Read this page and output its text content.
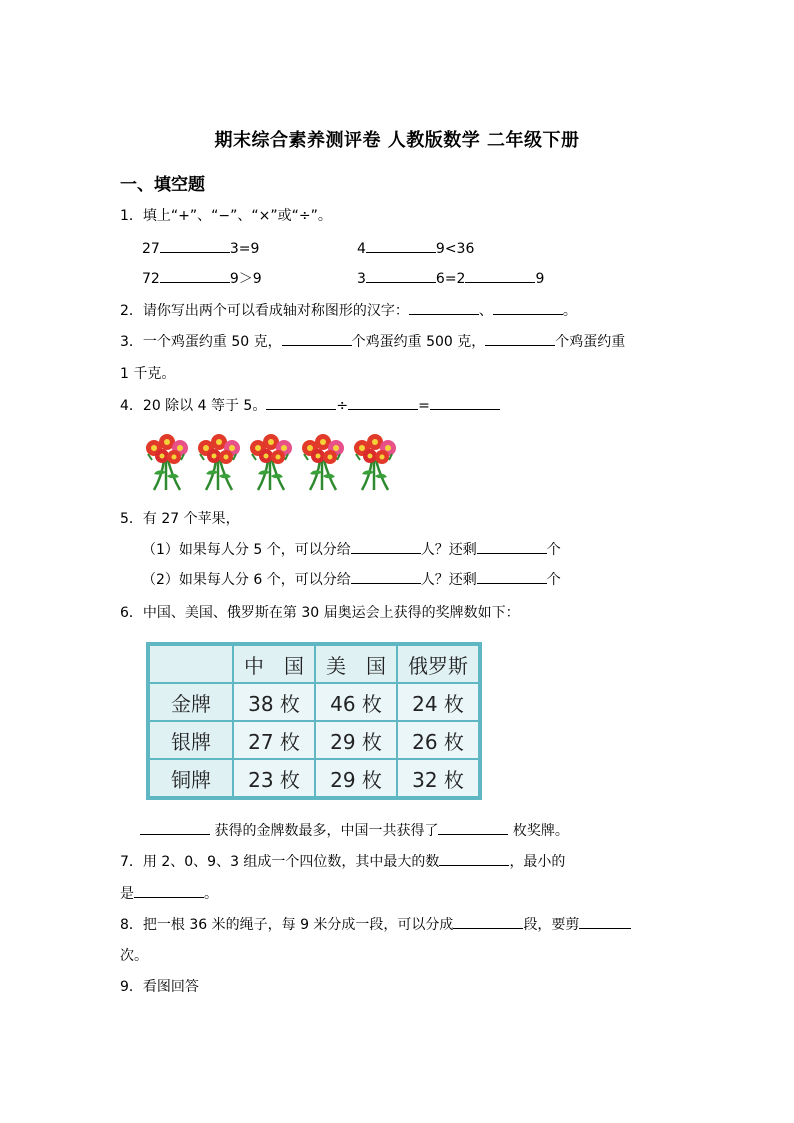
期末综合素养测评卷 人教版数学 二年级下册
一、填空题
1．填上“+”、“−”、“×”或“÷”。
27	3=9	4	9<36
72	9＞9	3	6=2	9
2．请你写出两个可以看成轴对称图形的汉字：	、	。
3．一个鸡蛋约重 50 克，	个鸡蛋约重 500 克，	个鸡蛋约重
1 千克。
4．20 除以 4 等于 5。	÷	=
5．有 27 个苹果，
（1）如果每人分 5 个，可以分给	人？还剩	个
（2）如果每人分 6 个，可以分给	人？还剩	个
6．中国、美国、俄罗斯在第 30 届奥运会上获得的奖牌数如下：
	中　国	美　国	俄罗斯
金牌	38 枚	46 枚	24 枚
银牌	27 枚	29 枚	26 枚
铜牌	23 枚	29 枚	32 枚
获得的金牌数最多，中国一共获得了	枚奖牌。
7．用 2、0、9、3 组成一个四位数，其中最大的数	，最小的
是	。
8．把一根 36 米的绳子，每 9 米分成一段，可以分成	段，要剪
次。
9．看图回答
